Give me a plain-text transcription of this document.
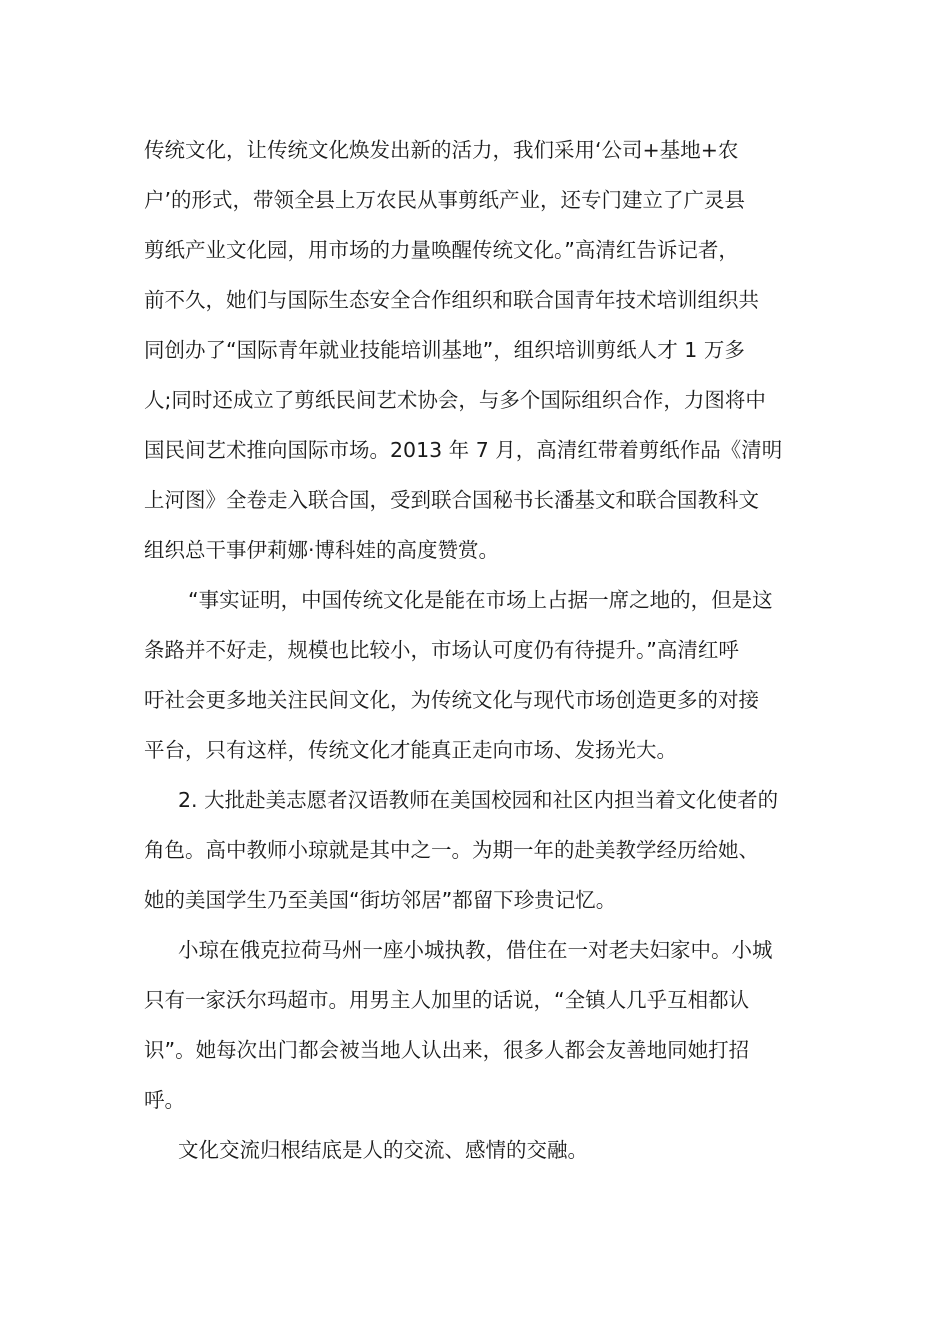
传统文化，让传统文化焕发出新的活力，我们采用‘公司+基地+农
户’的形式，带领全县上万农民从事剪纸产业，还专门建立了广灵县
剪纸产业文化园，用市场的力量唤醒传统文化。”高清红告诉记者，
前不久，她们与国际生态安全合作组织和联合国青年技术培训组织共
同创办了“国际青年就业技能培训基地”，组织培训剪纸人才 1 万多
人;同时还成立了剪纸民间艺术协会，与多个国际组织合作，力图将中
国民间艺术推向国际市场。2013 年 7 月，高清红带着剪纸作品《清明
上河图》全卷走入联合国，受到联合国秘书长潘基文和联合国教科文
组织总干事伊莉娜·博科娃的高度赞赏。
“事实证明，中国传统文化是能在市场上占据一席之地的，但是这
条路并不好走，规模也比较小，市场认可度仍有待提升。”高清红呼
吁社会更多地关注民间文化，为传统文化与现代市场创造更多的对接
平台，只有这样，传统文化才能真正走向市场、发扬光大。
2. 大批赴美志愿者汉语教师在美国校园和社区内担当着文化使者的
角色。高中教师小琼就是其中之一。为期一年的赴美教学经历给她、
她的美国学生乃至美国“街坊邻居”都留下珍贵记忆。
小琼在俄克拉荷马州一座小城执教，借住在一对老夫妇家中。小城
只有一家沃尔玛超市。用男主人加里的话说，“全镇人几乎互相都认
识”。她每次出门都会被当地人认出来，很多人都会友善地同她打招
呼。
文化交流归根结底是人的交流、感情的交融。
